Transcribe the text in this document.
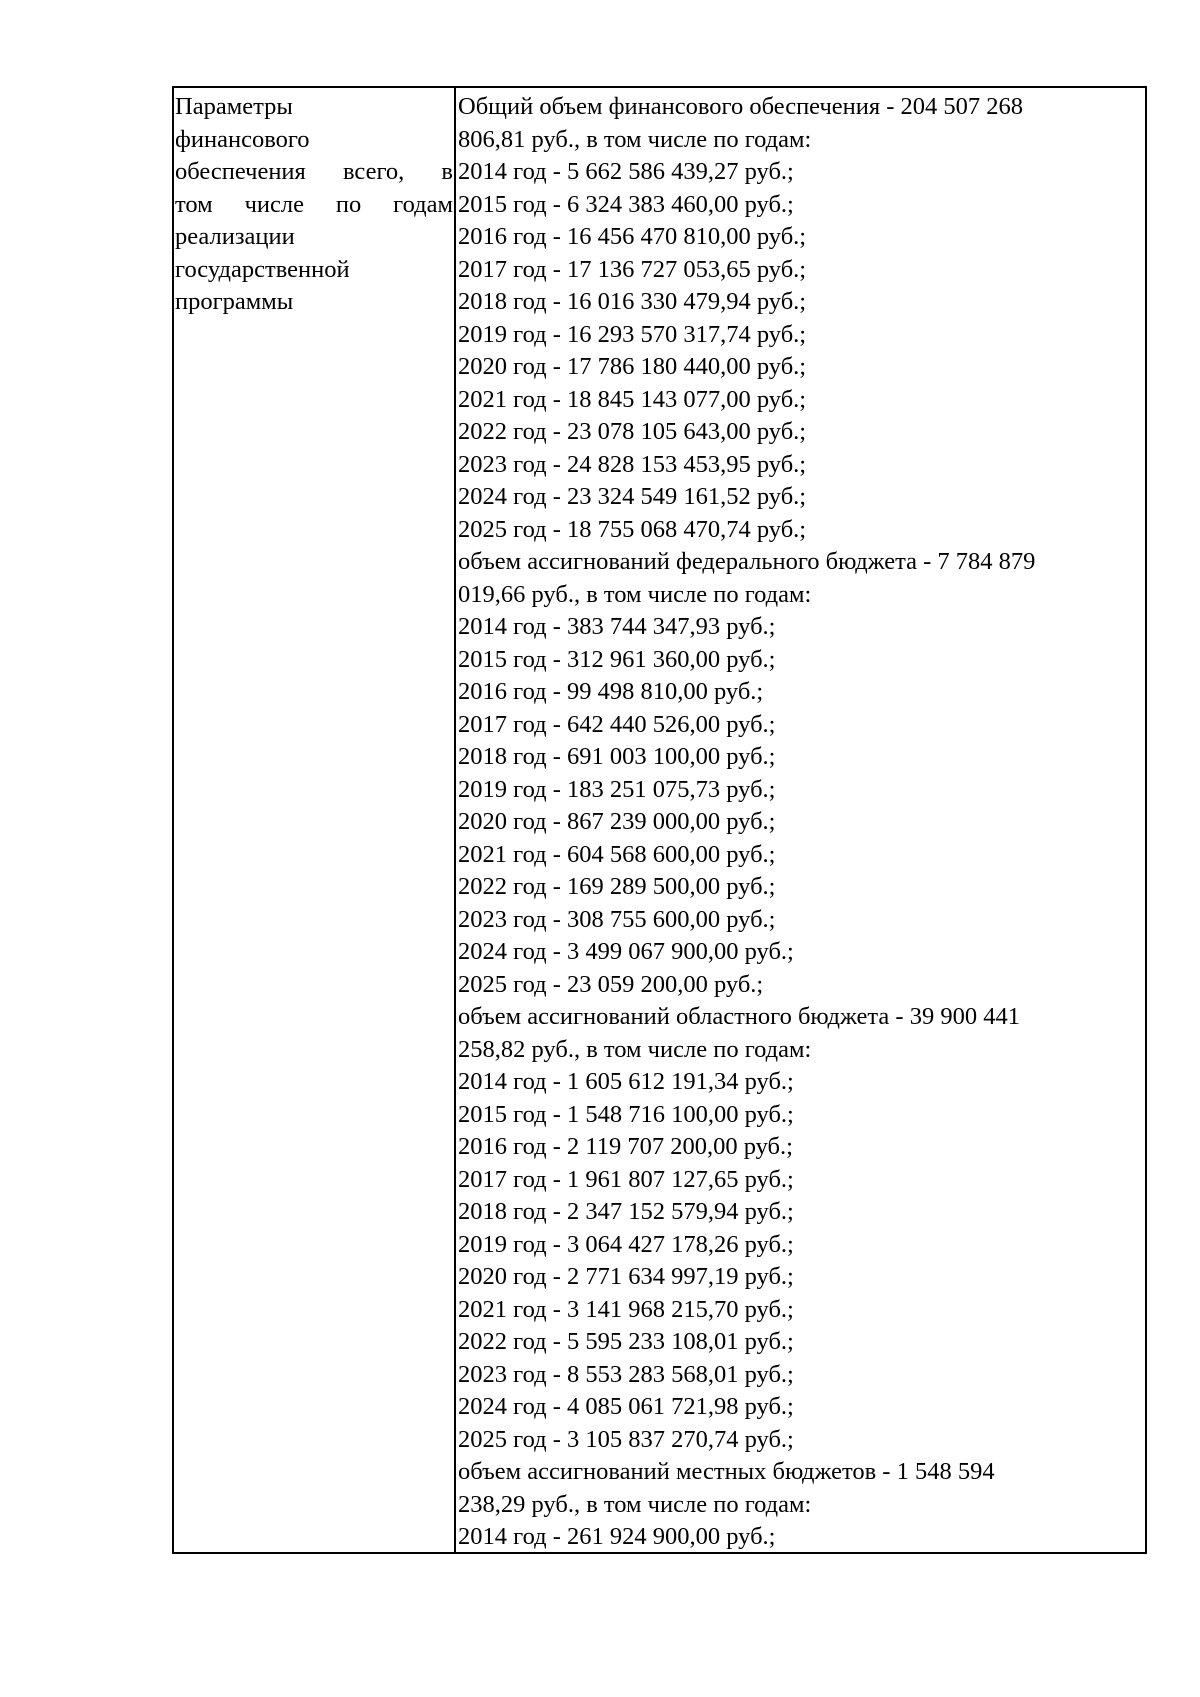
Параметры
финансового
обеспечения всего, в
том числе по годам
реализации
государственной
программы
Общий объем финансового обеспечения - 204 507 268
806,81 руб., в том числе по годам:
2014 год - 5 662 586 439,27 руб.;
2015 год - 6 324 383 460,00 руб.;
2016 год - 16 456 470 810,00 руб.;
2017 год - 17 136 727 053,65 руб.;
2018 год - 16 016 330 479,94 руб.;
2019 год - 16 293 570 317,74 руб.;
2020 год - 17 786 180 440,00 руб.;
2021 год - 18 845 143 077,00 руб.;
2022 год - 23 078 105 643,00 руб.;
2023 год - 24 828 153 453,95 руб.;
2024 год - 23 324 549 161,52 руб.;
2025 год - 18 755 068 470,74 руб.;
объем ассигнований федерального бюджета - 7 784 879
019,66 руб., в том числе по годам:
2014 год - 383 744 347,93 руб.;
2015 год - 312 961 360,00 руб.;
2016 год - 99 498 810,00 руб.;
2017 год - 642 440 526,00 руб.;
2018 год - 691 003 100,00 руб.;
2019 год - 183 251 075,73 руб.;
2020 год - 867 239 000,00 руб.;
2021 год - 604 568 600,00 руб.;
2022 год - 169 289 500,00 руб.;
2023 год - 308 755 600,00 руб.;
2024 год - 3 499 067 900,00 руб.;
2025 год - 23 059 200,00 руб.;
объем ассигнований областного бюджета - 39 900 441
258,82 руб., в том числе по годам:
2014 год - 1 605 612 191,34 руб.;
2015 год - 1 548 716 100,00 руб.;
2016 год - 2 119 707 200,00 руб.;
2017 год - 1 961 807 127,65 руб.;
2018 год - 2 347 152 579,94 руб.;
2019 год - 3 064 427 178,26 руб.;
2020 год - 2 771 634 997,19 руб.;
2021 год - 3 141 968 215,70 руб.;
2022 год - 5 595 233 108,01 руб.;
2023 год - 8 553 283 568,01 руб.;
2024 год - 4 085 061 721,98 руб.;
2025 год - 3 105 837 270,74 руб.;
объем ассигнований местных бюджетов - 1 548 594
238,29 руб., в том числе по годам:
2014 год - 261 924 900,00 руб.;
